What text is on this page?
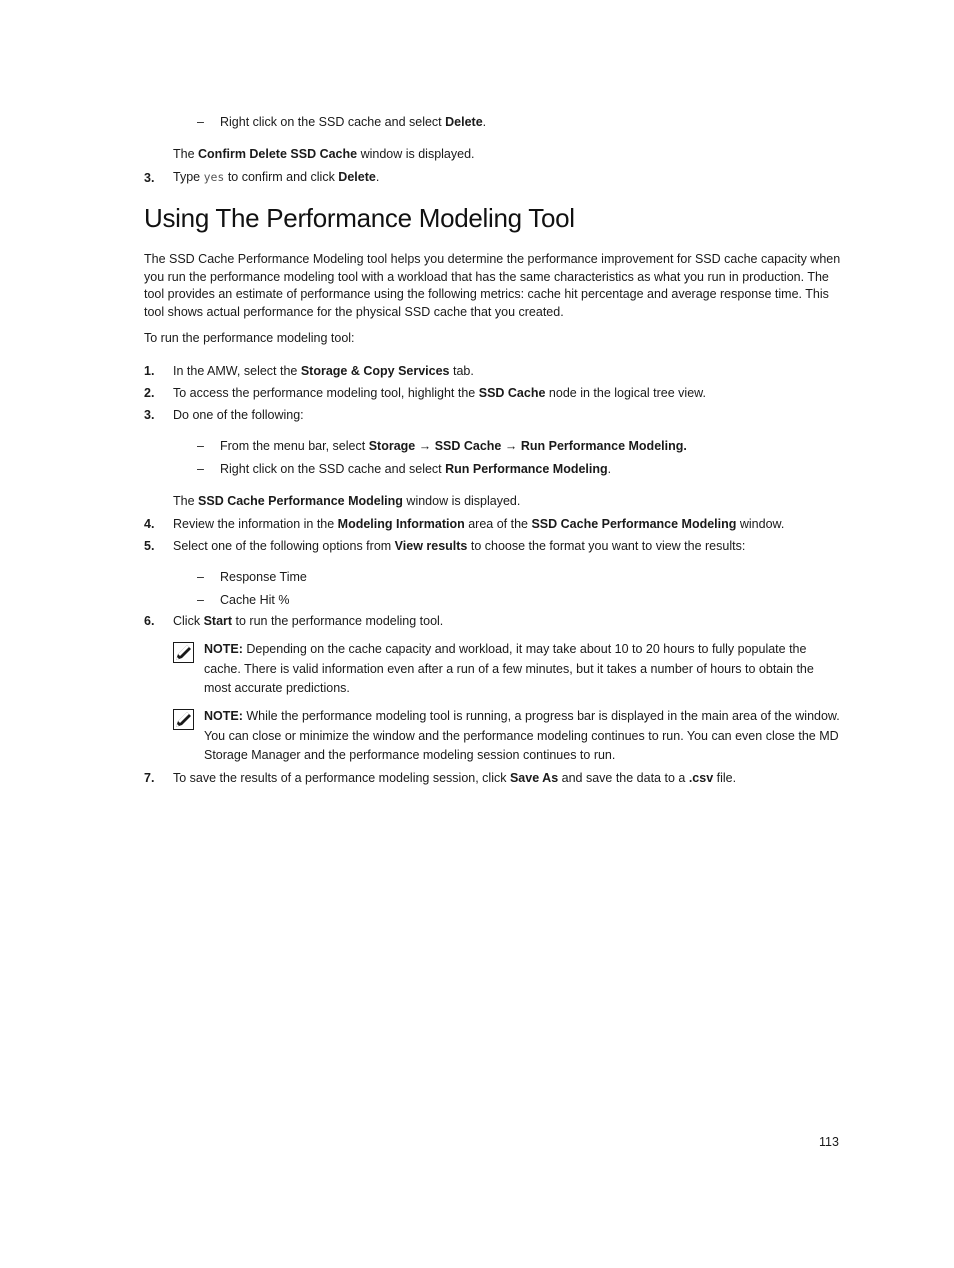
– Right click on the SSD cache and select Delete.
The Confirm Delete SSD Cache window is displayed.
3. Type yes to confirm and click Delete.
Using The Performance Modeling Tool
The SSD Cache Performance Modeling tool helps you determine the performance improvement for SSD cache capacity when you run the performance modeling tool with a workload that has the same characteristics as what you run in production. The tool provides an estimate of performance using the following metrics: cache hit percentage and average response time. This tool shows actual performance for the physical SSD cache that you created.
To run the performance modeling tool:
1. In the AMW, select the Storage & Copy Services tab.
2. To access the performance modeling tool, highlight the SSD Cache node in the logical tree view.
3. Do one of the following:
– From the menu bar, select Storage → SSD Cache → Run Performance Modeling.
– Right click on the SSD cache and select Run Performance Modeling.
The SSD Cache Performance Modeling window is displayed.
4. Review the information in the Modeling Information area of the SSD Cache Performance Modeling window.
5. Select one of the following options from View results to choose the format you want to view the results:
– Response Time
– Cache Hit %
6. Click Start to run the performance modeling tool.
NOTE: Depending on the cache capacity and workload, it may take about 10 to 20 hours to fully populate the cache. There is valid information even after a run of a few minutes, but it takes a number of hours to obtain the most accurate predictions.
NOTE: While the performance modeling tool is running, a progress bar is displayed in the main area of the window. You can close or minimize the window and the performance modeling continues to run. You can even close the MD Storage Manager and the performance modeling session continues to run.
7. To save the results of a performance modeling session, click Save As and save the data to a .csv file.
113
